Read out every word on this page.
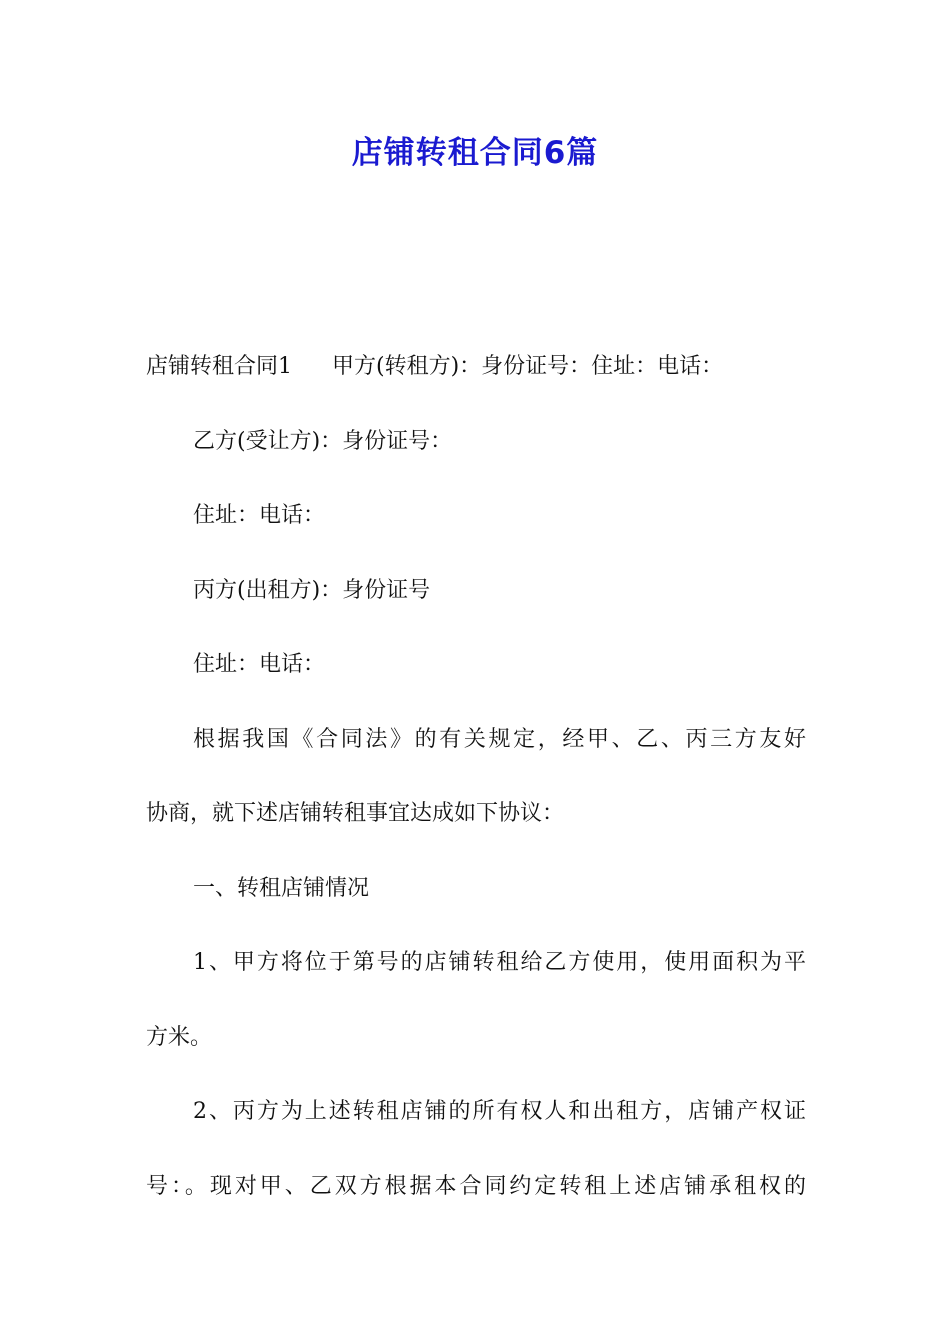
店铺转租合同6篇
店铺转租合同1 甲方(转租方)：身份证号：住址：电话：
乙方(受让方)：身份证号：
住址：电话：
丙方(出租方)：身份证号
住址：电话：
根据我国《合同法》的有关规定，经甲、乙、丙三方友好
协商，就下述店铺转租事宜达成如下协议：
一、转租店铺情况
1、甲方将位于第号的店铺转租给乙方使用，使用面积为平
方米。
2、丙方为上述转租店铺的所有权人和出租方，店铺产权证
号：。现对甲、乙双方根据本合同约定转租上述店铺承租权的
